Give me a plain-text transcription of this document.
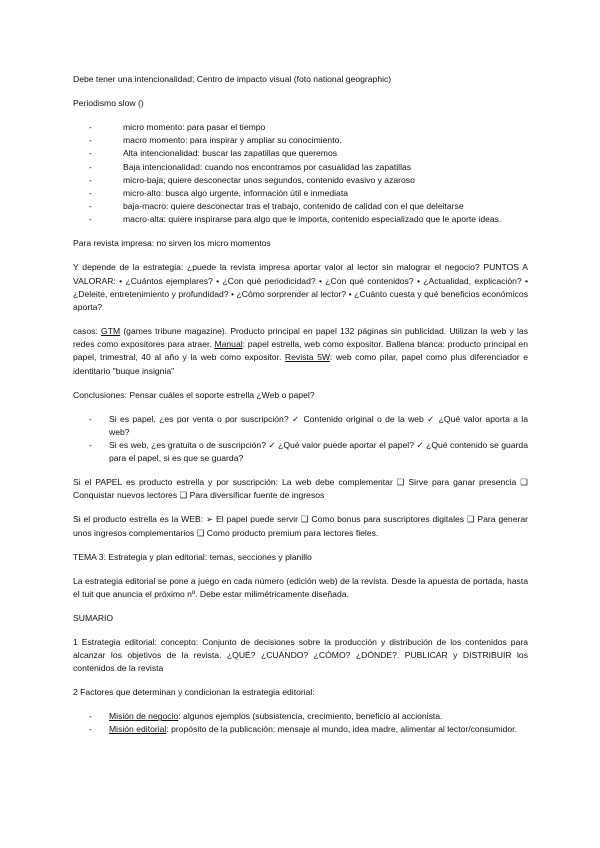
Debe tener una intencionalidad; Centro de impacto visual (foto national geographic)

Periodismo slow ()

- micro momento: para pasar el tiempo
- macro momento: para inspirar y ampliar su conocimiento.
- Alta intencionalidad: buscar las zapatillas que queremos
- Baja intencionalidad: cuando nos encontramos por casualidad las zapatillas
- micro-baja; quiere desconectar unos segundos, contenido evasivo y azaroso
- micro-alto: busca algo urgente, información útil e inmediata
- baja-macro: quiere desconectar tras el trabajo, contenido de calidad con el que deleitarse
- macro-alta: quiere inspirarse para algo que le importa, contenido especializado que le aporte ideas.

Para revista impresa: no sirven los micro momentos

Y depende de la estrategia: ¿puede la revista impresa aportar valor al lector sin malograr el negocio? PUNTOS A VALORAR: • ¿Cuántos ejemplares? • ¿Con qué periodicidad? • ¿Con qué contenidos? • ¿Actualidad, explicación? • ¿Deleite, entretenimiento y profundidad? • ¿Cómo sorprender al lector? • ¿Cuánto cuesta y qué beneficios económicos aporta?

casos: GTM (games tribune magazine). Producto principal en papel 132 páginas sin publicidad. Utilizan la web y las redes como expositores para atraer. Manual: papel estrella, web como expositor. Ballena blanca: producto principal en papel, trimestral, 40 al año y la web como expositor. Revista 5W: web como pilar, papel como plus diferenciador e identitario "buque insignia"

Conclusiones: Pensar cuáles el soporte estrella ¿Web o papel?

- Si es papel, ¿es por venta o por suscripción? ✓ Contenido original o de la web ✓ ¿Qué valor aporta a la web?
- Si es web, ¿es gratuita o de suscripción? ✓ ¿Qué valor puede aportar el papel? ✓ ¿Qué contenido se guarda para el papel, si es que se guarda?

Si el PAPEL es producto estrella y por suscripción: La web debe complementar ❑ Sirve para ganar presencia ❑ Conquistar nuevos lectores ❑ Para diversificar fuente de ingresos

Si el producto estrella es la WEB: ➢ El papel puede servir ❑ Como bonus para suscriptores digitales ❑ Para generar unos ingresos complementarios ❑ Como producto premium para lectores fieles.

TEMA 3: Estrategia y plan editorial: temas, secciones y planillo

La estrategia editorial se pone a juego en cada número (edición web) de la revista. Desde la apuesta de portada, hasta el tuit que anuncia el próximo nº. Debe estar milimétricamente diseñada.

SUMARIO

1 Estrategia editorial: concepto: Conjunto de decisiones sobre la producción y distribución de los contenidos para alcanzar los objetivos de la revista. ¿QUÉ? ¿CUÁNDO? ¿CÓMO? ¿DÓNDE?. PUBLICAR y DISTRIBUIR los contenidos de la revista

2 Factores que determinan y condicionan la estrategia editorial:

- Misión de negocio: algunos ejemplos (subsistencia, crecimiento, beneficio al accionista.
- Misión editorial: propósito de la publicación: mensaje al mundo, idea madre, alimentar al lector/consumidor.
